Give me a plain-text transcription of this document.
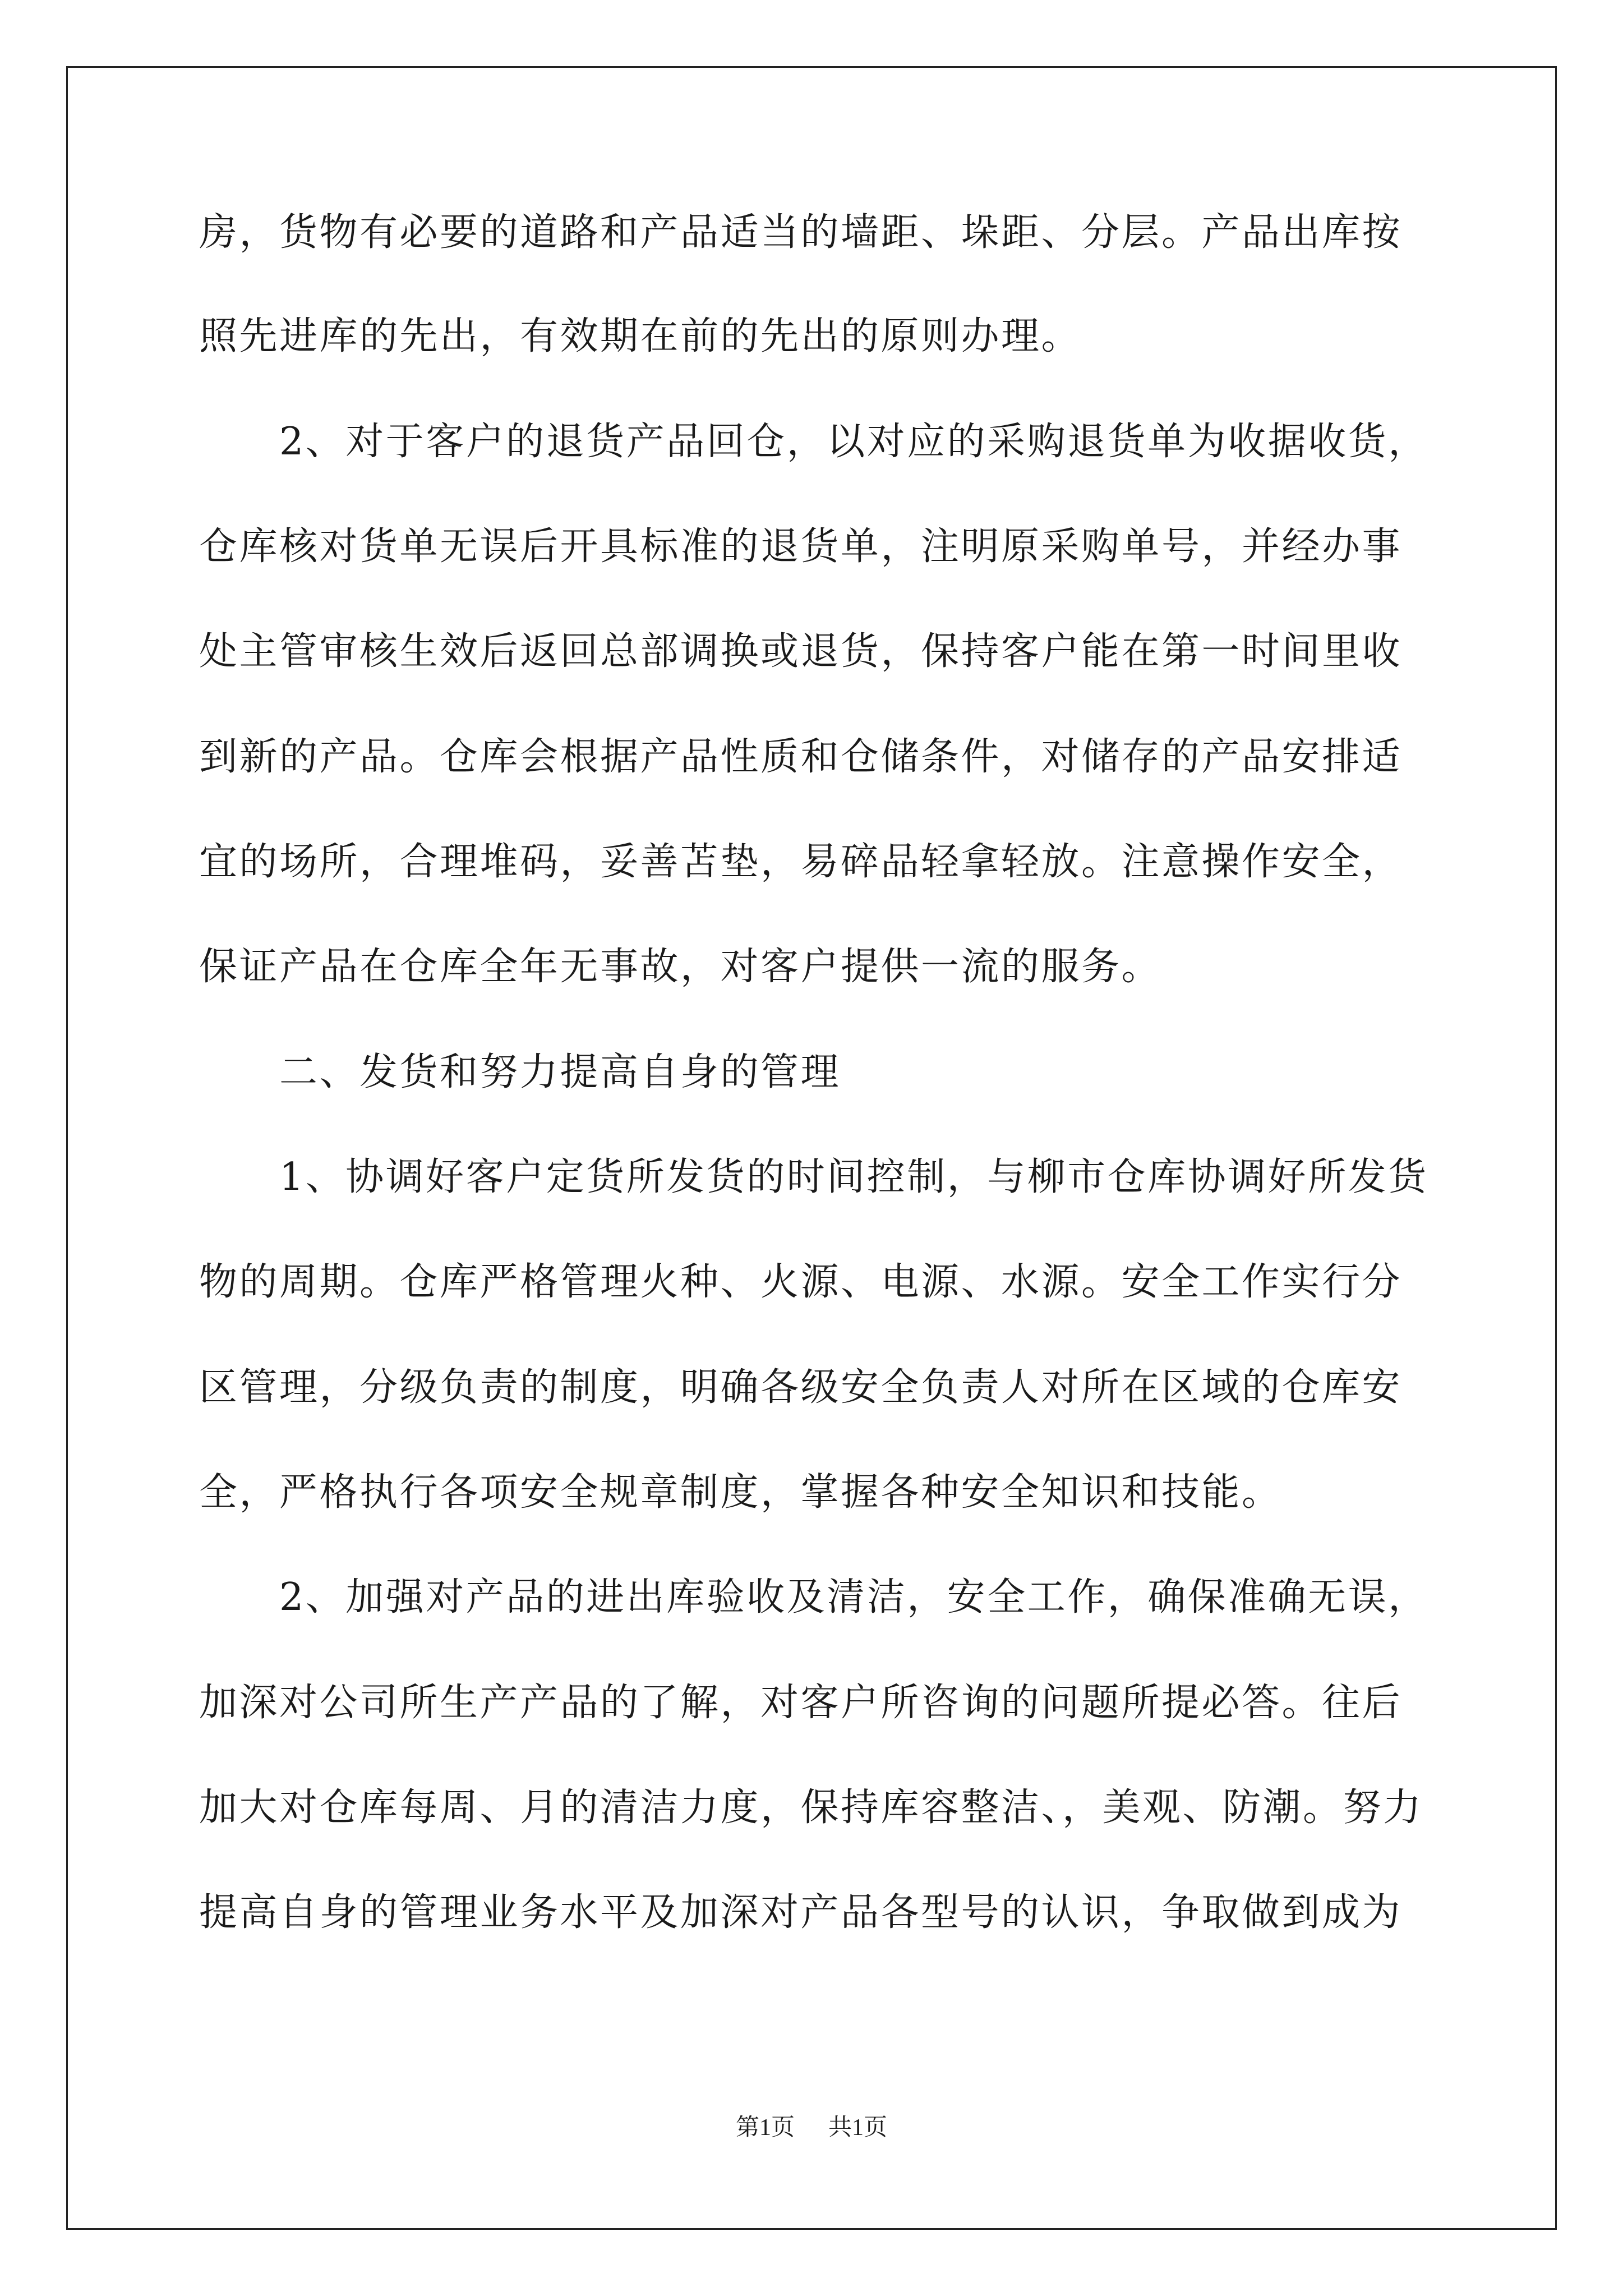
房，货物有必要的道路和产品适当的墙距、垛距、分层。产品出库按
照先进库的先出，有效期在前的先出的原则办理。
　　2、对于客户的退货产品回仓，以对应的采购退货单为收据收货，
仓库核对货单无误后开具标准的退货单，注明原采购单号，并经办事
处主管审核生效后返回总部调换或退货，保持客户能在第一时间里收
到新的产品。仓库会根据产品性质和仓储条件，对储存的产品安排适
宜的场所，合理堆码，妥善苫垫，易碎品轻拿轻放。注意操作安全，
保证产品在仓库全年无事故，对客户提供一流的服务。
　　二、发货和努力提高自身的管理
　　1、协调好客户定货所发货的时间控制，与柳市仓库协调好所发货
物的周期。仓库严格管理火种、火源、电源、水源。安全工作实行分
区管理，分级负责的制度，明确各级安全负责人对所在区域的仓库安
全，严格执行各项安全规章制度，掌握各种安全知识和技能。
　　2、加强对产品的进出库验收及清洁，安全工作，确保准确无误，
加深对公司所生产产品的了解，对客户所咨询的问题所提必答。往后
加大对仓库每周、月的清洁力度，保持库容整洁、，美观、防潮。努力
提高自身的管理业务水平及加深对产品各型号的认识，争取做到成为
第1页 共1页
